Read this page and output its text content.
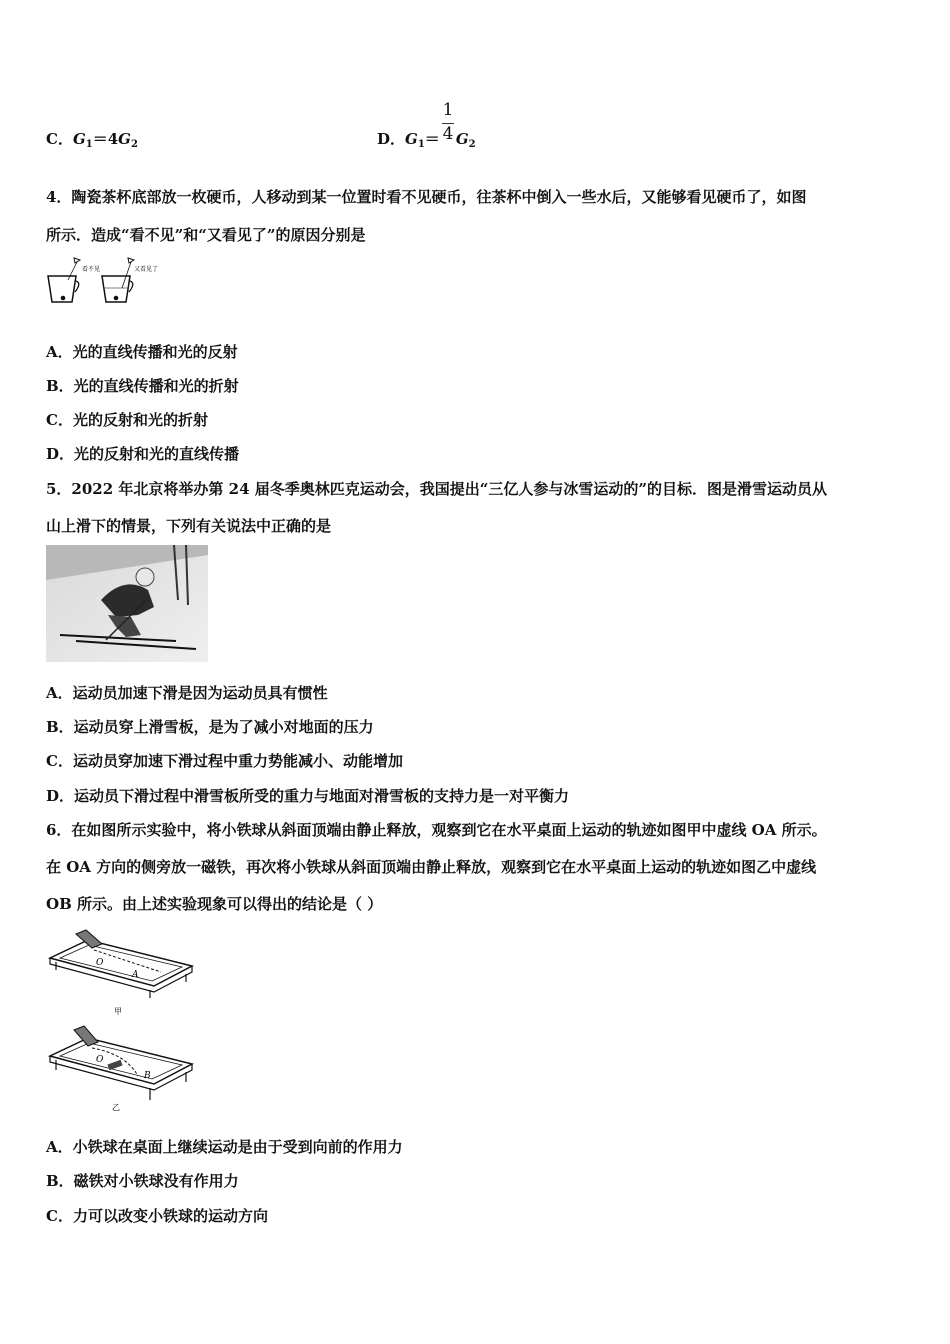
C．$G_1=4G_2$	D．$G_1= G_2$
1
4
4．陶瓷茶杯底部放一枚硬币，人移动到某一位置时看不见硬币，往茶杯中倒入一些水后，又能够看见硬币了，如图
所示．造成“看不见”和“又看见了”的原因分别是
看不见	又看见了
A．光的直线传播和光的反射
B．光的直线传播和光的折射
C．光的反射和光的折射
D．光的反射和光的直线传播
5．2022 年北京将举办第 24 届冬季奥林匹克运动会，我国提出“三亿人参与冰雪运动的”的目标．图是滑雪运动员从
山上滑下的情景，下列有关说法中正确的是
A．运动员加速下滑是因为运动员具有惯性
B．运动员穿上滑雪板，是为了减小对地面的压力
C．运动员穿加速下滑过程中重力势能减小、动能增加
D．运动员下滑过程中滑雪板所受的重力与地面对滑雪板的支持力是一对平衡力
6．在如图所示实验中，将小铁球从斜面顶端由静止释放，观察到它在水平桌面上运动的轨迹如图甲中虚线 OA 所示。
在 OA 方向的侧旁放一磁铁，再次将小铁球从斜面顶端由静止释放，观察到它在水平桌面上运动的轨迹如图乙中虚线
OB 所示。由上述实验现象可以得出的结论是（ ）
O
A
甲
O
B
乙
A．小铁球在桌面上继续运动是由于受到向前的作用力
B．磁铁对小铁球没有作用力
C．力可以改变小铁球的运动方向
